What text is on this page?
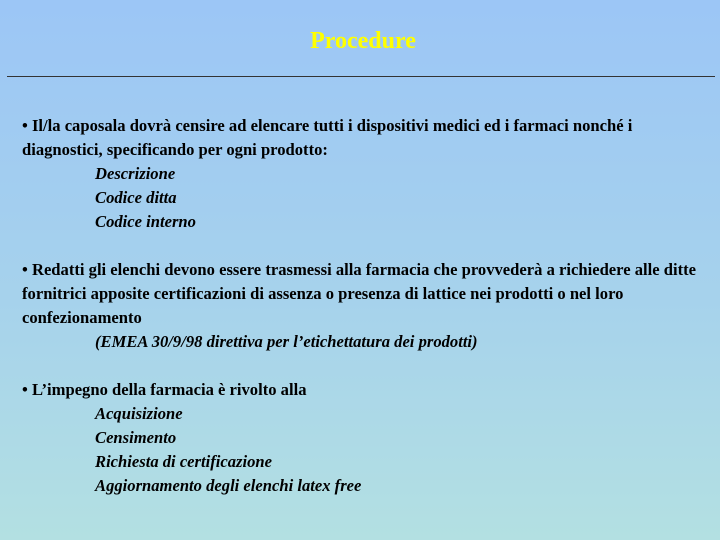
Procedure
• Il/la caposala dovrà censire ad elencare tutti i dispositivi medici ed i farmaci nonché i diagnostici, specificando per ogni prodotto:
Descrizione
Codice ditta
Codice interno
• Redatti gli elenchi devono essere trasmessi alla farmacia che provvederà a richiedere alle ditte fornitrici apposite certificazioni di assenza o presenza di lattice nei prodotti o nel loro confezionamento
(EMEA 30/9/98 direttiva per l’etichettatura dei prodotti)
• L’impegno della farmacia è rivolto alla
Acquisizione
Censimento
Richiesta di certificazione
Aggiornamento degli elenchi latex free
